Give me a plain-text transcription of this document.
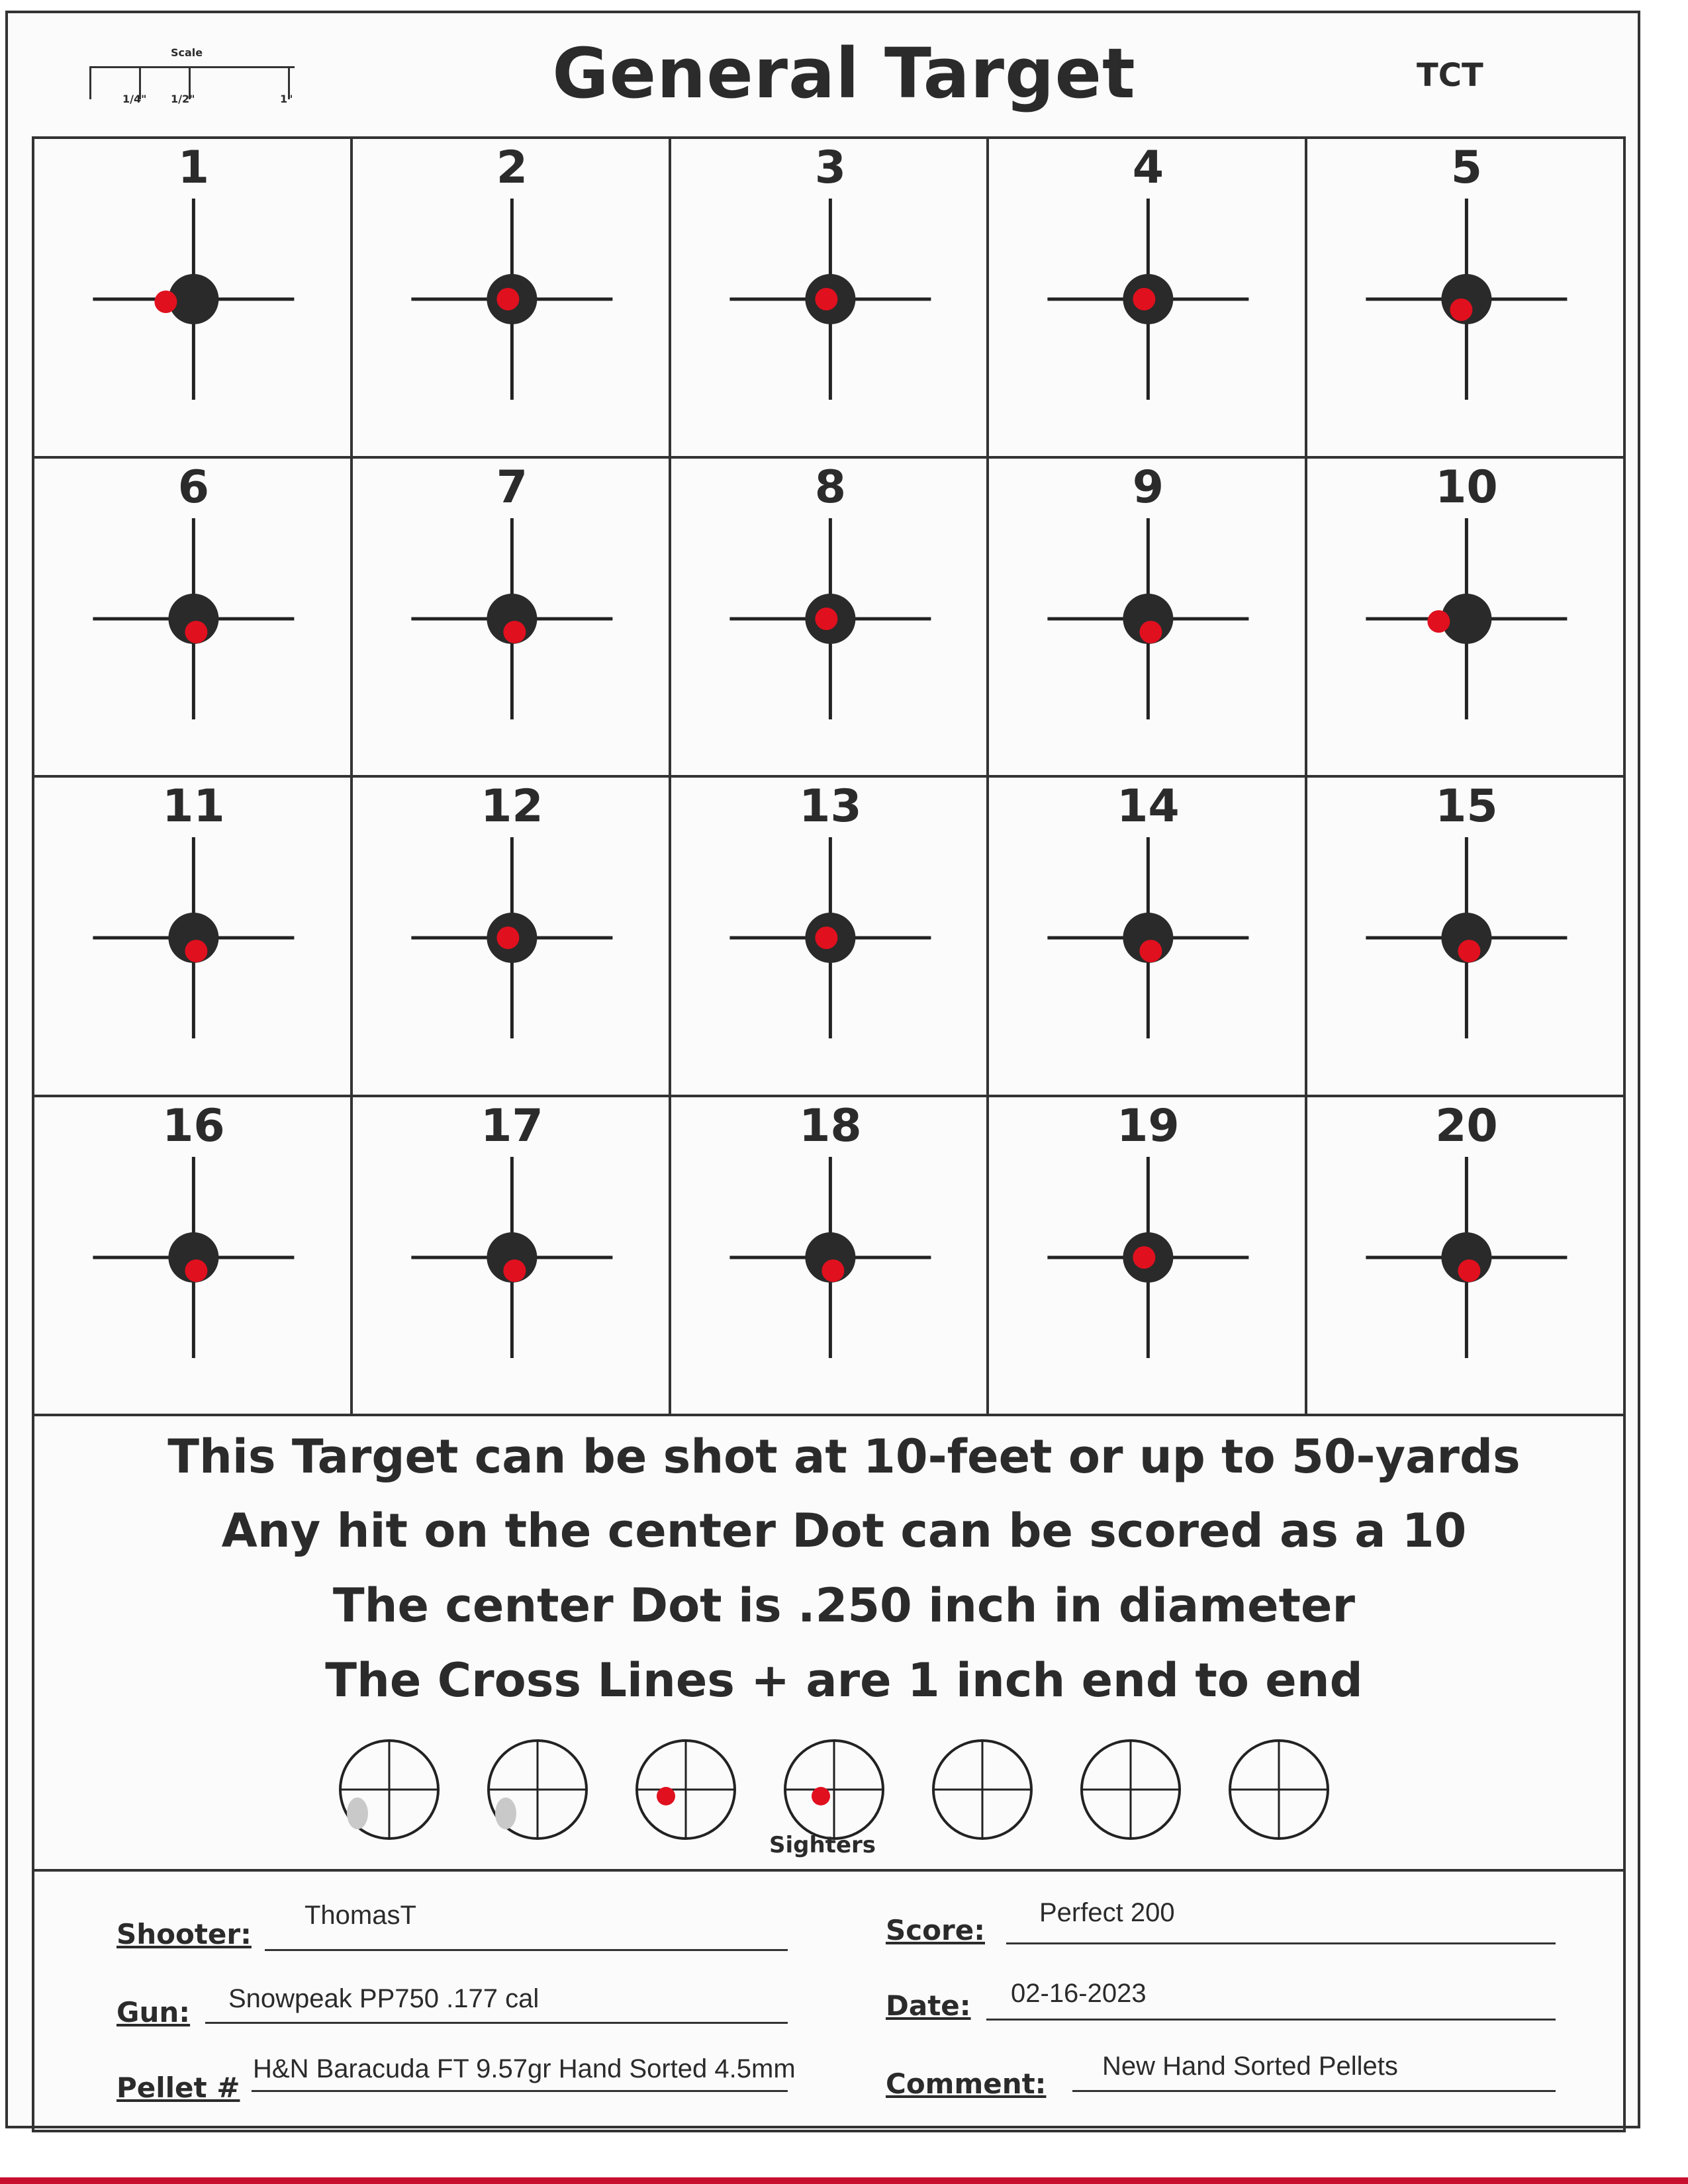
Scale
1/4" 1/2"	1"	General Target	TCT
1	2	3	4	5
6	7	8	9	10
11	12	13	14	15
16	17	18	19	20
This Target can be shot at 10-feet or up to 50-yards
Any hit on the center Dot can be scored as a 10
The center Dot is .250 inch in diameter
The Cross Lines + are 1 inch end to end
Sighters
Shooter:
ThomasT
Gun: Snowpeak PP750 .177 cal
Pellet #
H&N Baracuda FT 9.57gr Hand Sorted 4.5mm
Score:
Perfect 200
Date: 02-16-2023
Comment:
New Hand Sorted Pellets
